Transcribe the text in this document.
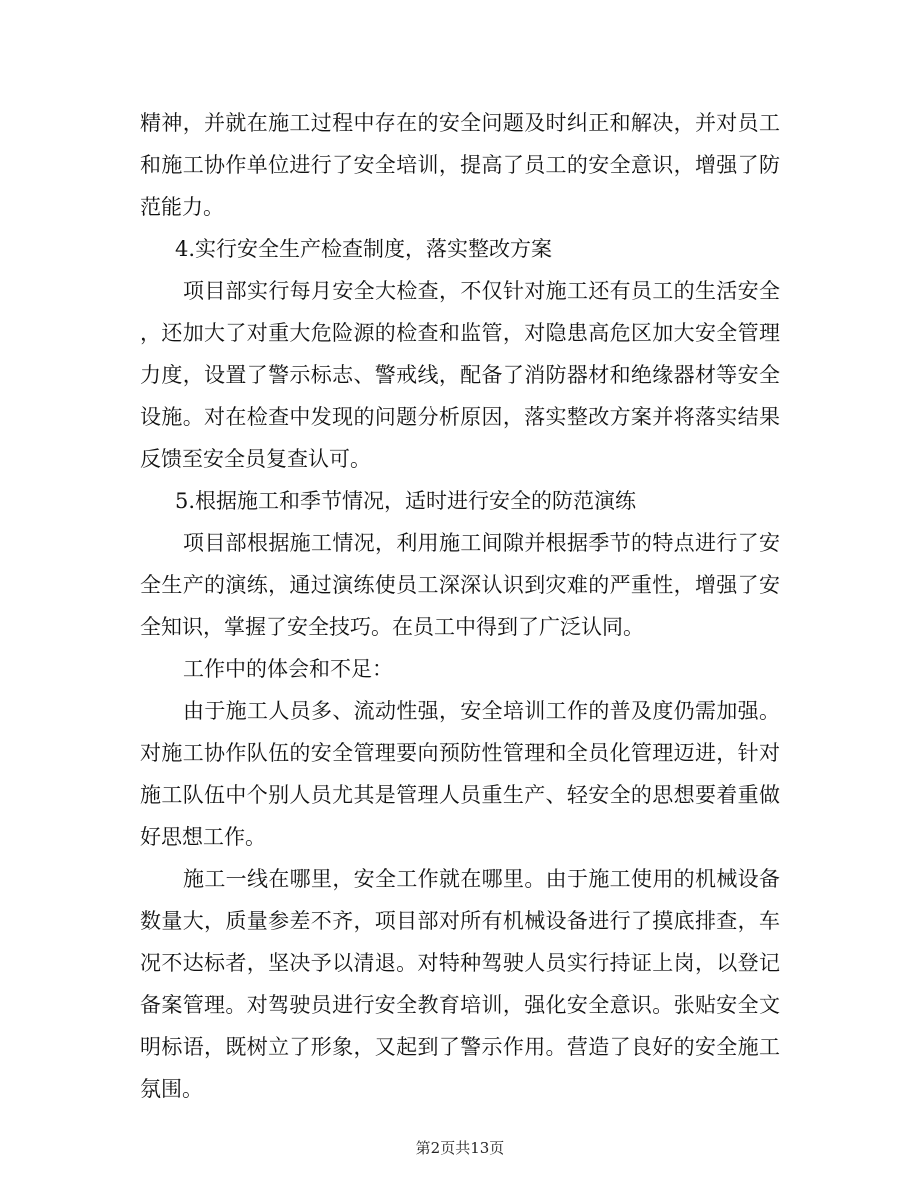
精神，并就在施工过程中存在的安全问题及时纠正和解决，并对员工
和施工协作单位进行了安全培训，提高了员工的安全意识，增强了防
范能力。
4.实行安全生产检查制度，落实整改方案
项目部实行每月安全大检查，不仅针对施工还有员工的生活安全
，还加大了对重大危险源的检查和监管，对隐患高危区加大安全管理
力度，设置了警示标志、警戒线，配备了消防器材和绝缘器材等安全
设施。对在检查中发现的问题分析原因，落实整改方案并将落实结果
反馈至安全员复查认可。
5.根据施工和季节情况，适时进行安全的防范演练
项目部根据施工情况，利用施工间隙并根据季节的特点进行了安
全生产的演练，通过演练使员工深深认识到灾难的严重性，增强了安
全知识，掌握了安全技巧。在员工中得到了广泛认同。
工作中的体会和不足：
由于施工人员多、流动性强，安全培训工作的普及度仍需加强。
对施工协作队伍的安全管理要向预防性管理和全员化管理迈进，针对
施工队伍中个别人员尤其是管理人员重生产、轻安全的思想要着重做
好思想工作。
施工一线在哪里，安全工作就在哪里。由于施工使用的机械设备
数量大，质量参差不齐，项目部对所有机械设备进行了摸底排查，车
况不达标者，坚决予以清退。对特种驾驶人员实行持证上岗，以登记
备案管理。对驾驶员进行安全教育培训，强化安全意识。张贴安全文
明标语，既树立了形象，又起到了警示作用。营造了良好的安全施工
氛围。
第2页共13页
